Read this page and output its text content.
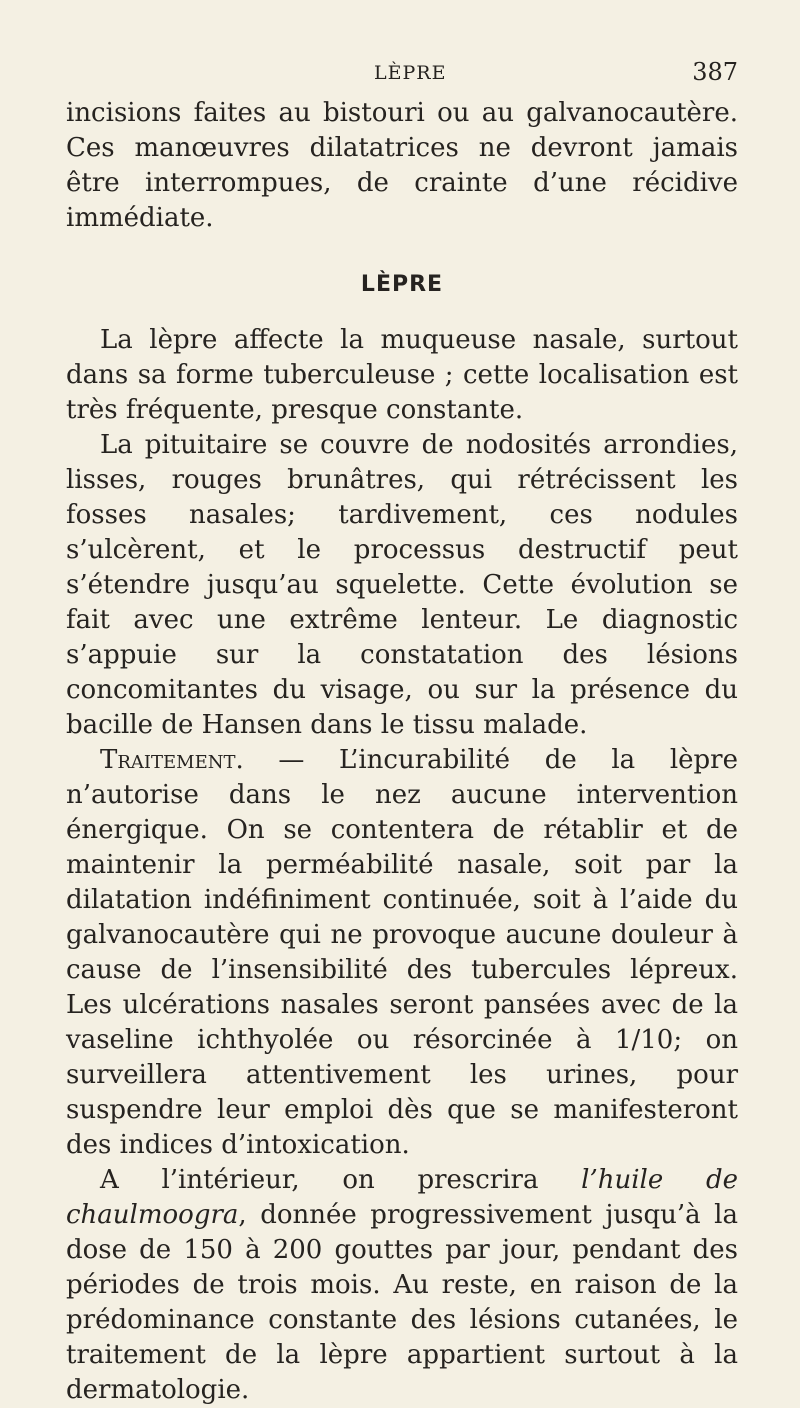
LÈPRE	387

incisions faites au bistouri ou au galvanocautère. Ces manœuvres dilatatrices ne devront jamais être interrompues, de crainte d’une récidive immédiate.

LÈPRE

La lèpre affecte la muqueuse nasale, surtout dans sa forme tuberculeuse ; cette localisation est très fréquente, presque constante.

La pituitaire se couvre de nodosités arrondies, lisses, rouges brunâtres, qui rétrécissent les fosses nasales; tardivement, ces nodules s’ulcèrent, et le processus destructif peut s’étendre jusqu’au squelette. Cette évolution se fait avec une extrême lenteur. Le diagnostic s’appuie sur la constatation des lésions concomitantes du visage, ou sur la présence du bacille de Hansen dans le tissu malade.

Traitement. — L’incurabilité de la lèpre n’autorise dans le nez aucune intervention énergique. On se contentera de rétablir et de maintenir la perméabilité nasale, soit par la dilatation indéfiniment continuée, soit à l’aide du galvanocautère qui ne provoque aucune douleur à cause de l’insensibilité des tubercules lépreux. Les ulcérations nasales seront pansées avec de la vaseline ichthyolée ou résorcinée à 1/10; on surveillera attentivement les urines, pour suspendre leur emploi dès que se manifesteront des indices d’intoxication.

A l’intérieur, on prescrira l’huile de chaulmoogra, donnée progressivement jusqu’à la dose de 150 à 200 gouttes par jour, pendant des périodes de trois mois. Au reste, en raison de la prédominance constante des lésions cutanées, le traitement de la lèpre appartient surtout à la dermatologie.
